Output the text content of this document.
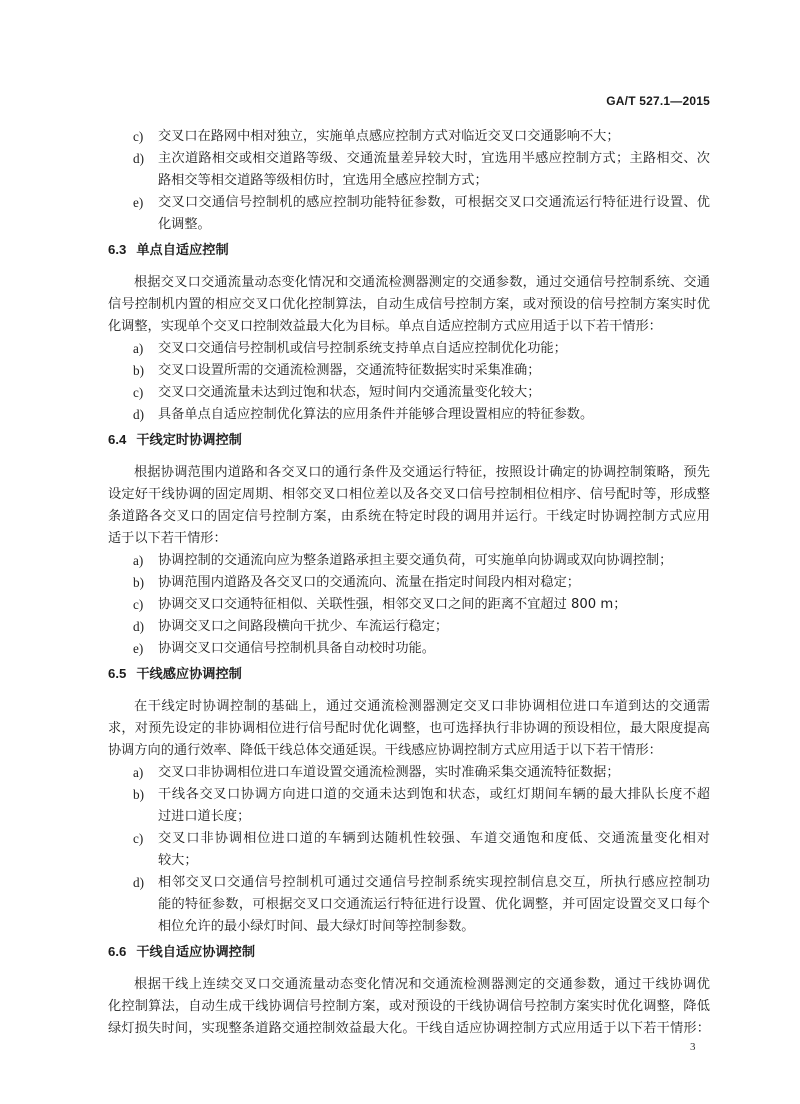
GA/T 527.1—2015
c)	交叉口在路网中相对独立，实施单点感应控制方式对临近交叉口交通影响不大；
d)	主次道路相交或相交道路等级、交通流量差异较大时，宜选用半感应控制方式；主路相交、次
路相交等相交道路等级相仿时，宜选用全感应控制方式；
e)	交叉口交通信号控制机的感应控制功能特征参数，可根据交叉口交通流运行特征进行设置、优
化调整。
6.3 单点自适应控制
根据交叉口交通流量动态变化情况和交通流检测器测定的交通参数，通过交通信号控制系统、交通
信号控制机内置的相应交叉口优化控制算法，自动生成信号控制方案，或对预设的信号控制方案实时优
化调整，实现单个交叉口控制效益最大化为目标。单点自适应控制方式应用适于以下若干情形：
a)	交叉口交通信号控制机或信号控制系统支持单点自适应控制优化功能；
b)	交叉口设置所需的交通流检测器，交通流特征数据实时采集准确；
c)	交叉口交通流量未达到过饱和状态，短时间内交通流量变化较大；
d)	具备单点自适应控制优化算法的应用条件并能够合理设置相应的特征参数。
6.4 干线定时协调控制
根据协调范围内道路和各交叉口的通行条件及交通运行特征，按照设计确定的协调控制策略，预先
设定好干线协调的固定周期、相邻交叉口相位差以及各交叉口信号控制相位相序、信号配时等，形成整
条道路各交叉口的固定信号控制方案，由系统在特定时段的调用并运行。干线定时协调控制方式应用
适于以下若干情形：
a)	协调控制的交通流向应为整条道路承担主要交通负荷，可实施单向协调或双向协调控制；
b)	协调范围内道路及各交叉口的交通流向、流量在指定时间段内相对稳定；
c)	协调交叉口交通特征相似、关联性强，相邻交叉口之间的距离不宜超过 800 m；
d)	协调交叉口之间路段横向干扰少、车流运行稳定；
e)	协调交叉口交通信号控制机具备自动校时功能。
6.5 干线感应协调控制
在干线定时协调控制的基础上，通过交通流检测器测定交叉口非协调相位进口车道到达的交通需
求，对预先设定的非协调相位进行信号配时优化调整，也可选择执行非协调的预设相位，最大限度提高
协调方向的通行效率、降低干线总体交通延误。干线感应协调控制方式应用适于以下若干情形：
a)	交叉口非协调相位进口车道设置交通流检测器，实时准确采集交通流特征数据；
b)	干线各交叉口协调方向进口道的交通未达到饱和状态，或红灯期间车辆的最大排队长度不超
过进口道长度；
c)	交叉口非协调相位进口道的车辆到达随机性较强、车道交通饱和度低、交通流量变化相对
较大；
d)	相邻交叉口交通信号控制机可通过交通信号控制系统实现控制信息交互，所执行感应控制功
能的特征参数，可根据交叉口交通流运行特征进行设置、优化调整，并可固定设置交叉口每个
相位允许的最小绿灯时间、最大绿灯时间等控制参数。
6.6 干线自适应协调控制
根据干线上连续交叉口交通流量动态变化情况和交通流检测器测定的交通参数，通过干线协调优
化控制算法，自动生成干线协调信号控制方案，或对预设的干线协调信号控制方案实时优化调整，降低
绿灯损失时间，实现整条道路交通控制效益最大化。干线自适应协调控制方式应用适于以下若干情形：
3
